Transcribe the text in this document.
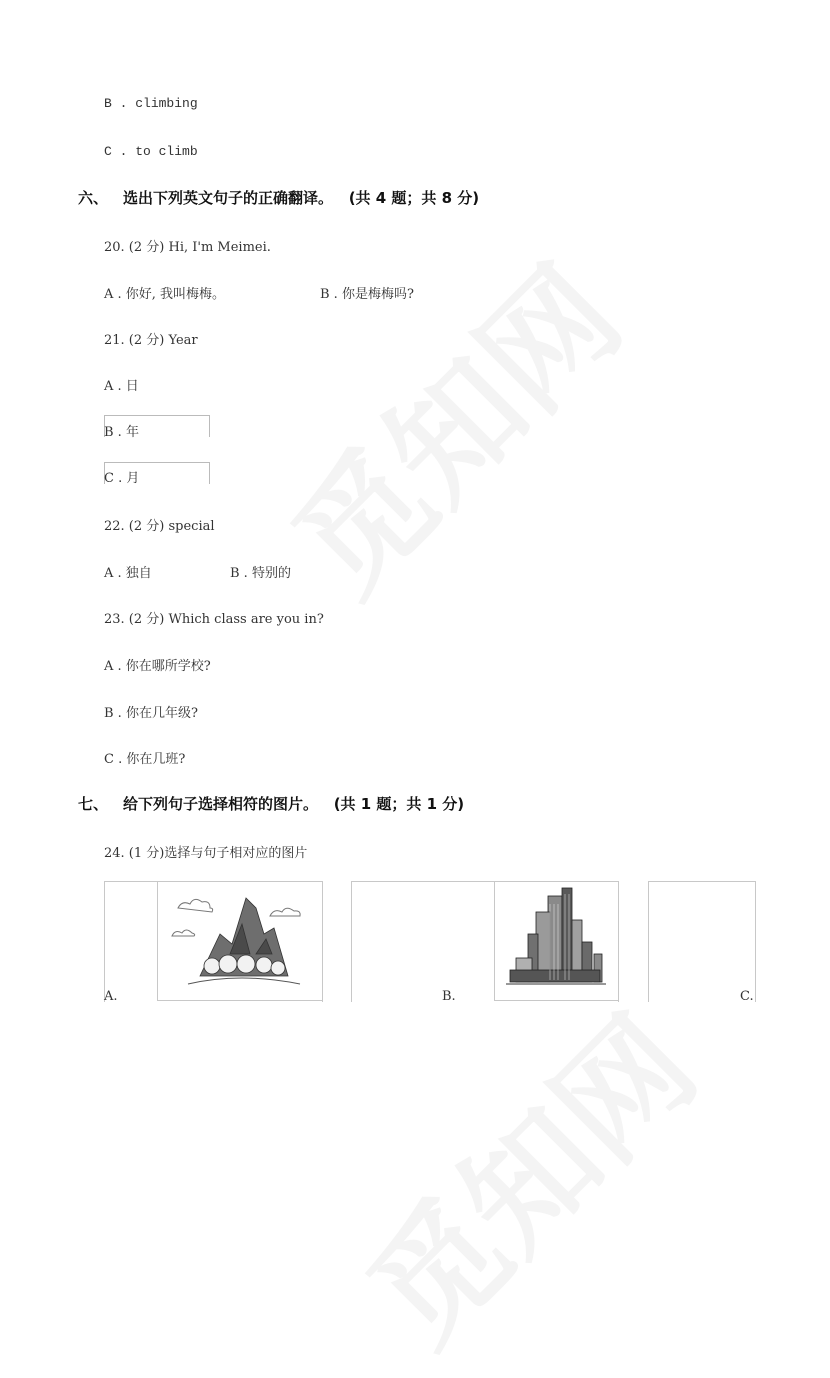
B . climbing
C . to climb
六、 选出下列英文句子的正确翻译。 (共 4 题；共 8 分)
20. (2 分) Hi, I'm Meimei.
A . 你好, 我叫梅梅。	B . 你是梅梅吗?
21. (2 分) Year
A . 日
B . 年
C . 月
22. (2 分) special
A . 独自	B . 特别的
23. (2 分) Which class are you in?
A . 你在哪所学校?
B . 你在几年级?
C . 你在几班?
七、 给下列句子选择相符的图片。 (共 1 题；共 1 分)
24. (1 分)选择与句子相对应的图片
A.	B.	C.
